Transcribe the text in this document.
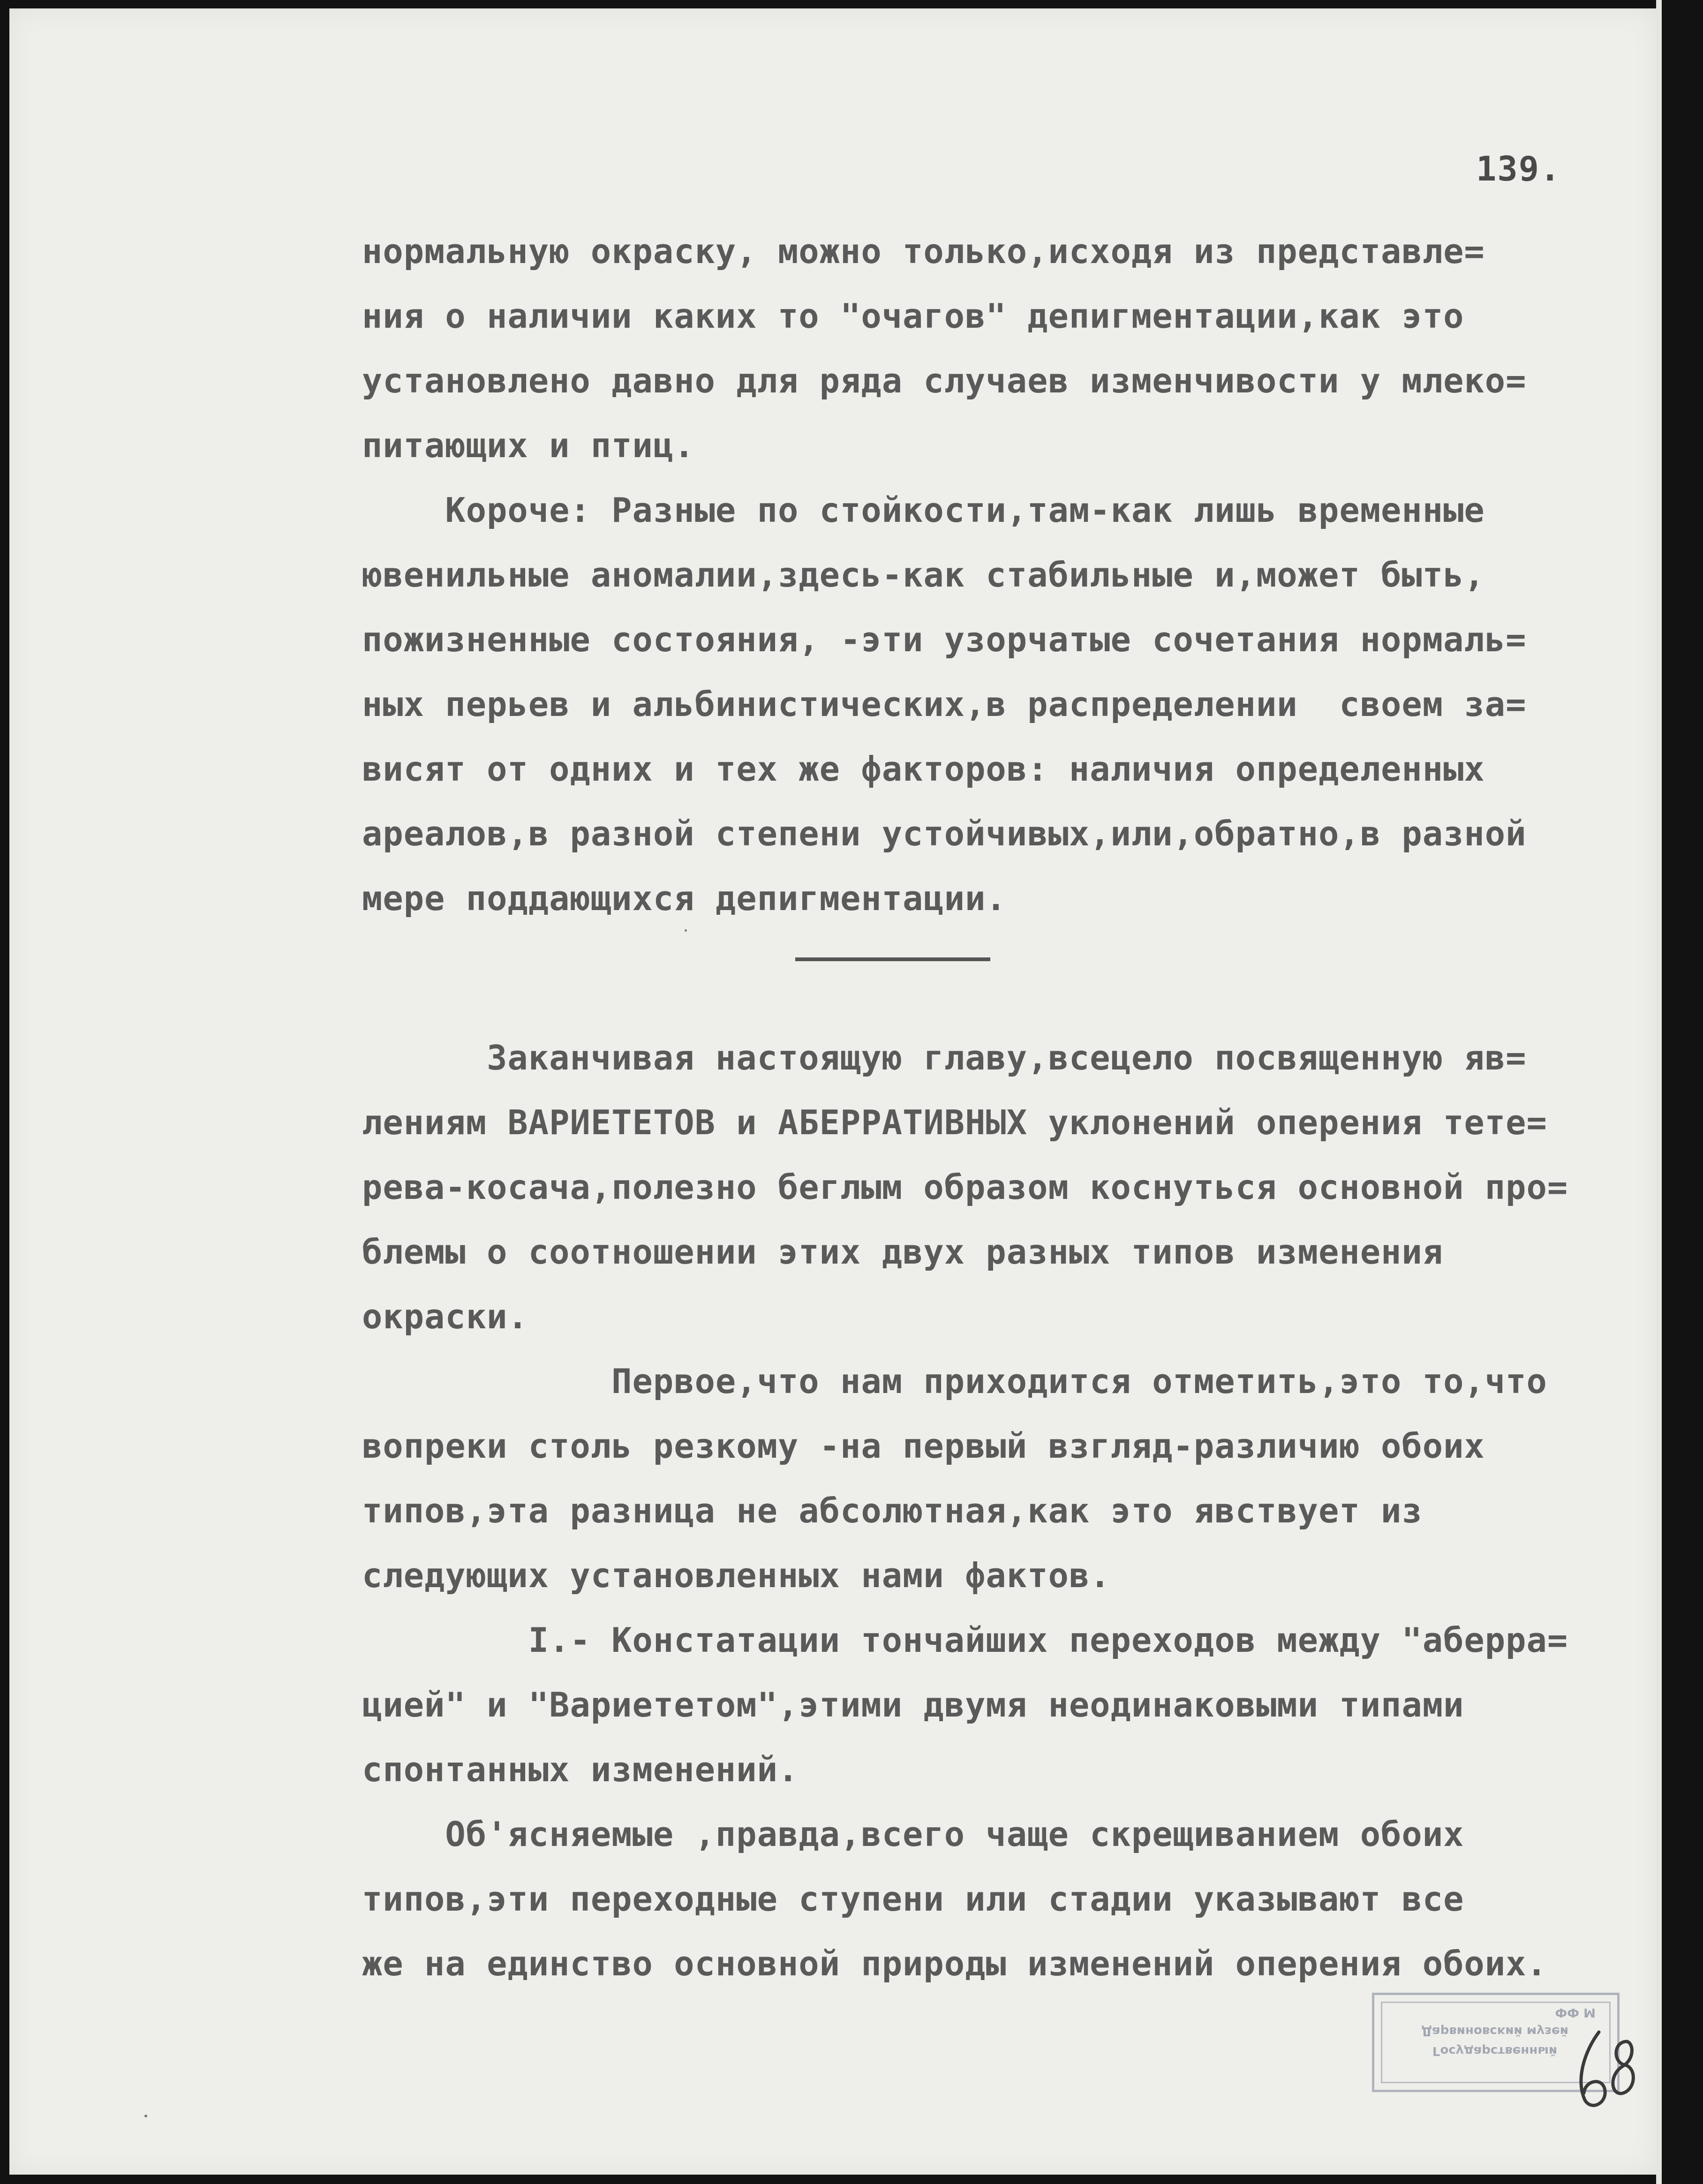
139.

нормальную окраску, можно только,исходя из представле=

ния о наличии каких то "очагов" депигментации,как это

установлено давно для ряда случаев изменчивости у млеко=

питающих и птиц.

Короче: Разные по стойкости,там-как лишь временные

ювенильные аномалии,здесь-как стабильные и,может быть,

пожизненные состояния, -эти узорчатые сочетания нормаль=

ных перьев и альбинистических,в распределении  своем за=

висят от одних и тех же факторов: наличия определенных

ареалов,в разной степени устойчивых,или,обратно,в разной

мере поддающихся депигментации.

Заканчивая настоящую главу,всецело посвященную яв=

лениям ВАРИЕТЕТОВ и АБЕРРАТИВНЫХ уклонений оперения тете=

рева-косача,полезно беглым образом коснуться основной про=

блемы о соотношении этих двух разных типов изменения

окраски.

Первое,что нам приходится отметить,это то,что

вопреки столь резкому -на первый взгляд-различию обоих

типов,эта разница не абсолютная,как это явствует из

следующих установленных нами фактов.

I.- Констатации тончайших переходов между "аберра=

цией" и "Вариететом",этими двумя неодинаковыми типами

спонтанных изменений.

Об'ясняемые ,правда,всего чаще скрещиванием обоих

типов,эти переходные ступени или стадии указывают все

же на единство основной природы изменений оперения обоих.

Государственный
Дарвиновский музей
ФФ М
